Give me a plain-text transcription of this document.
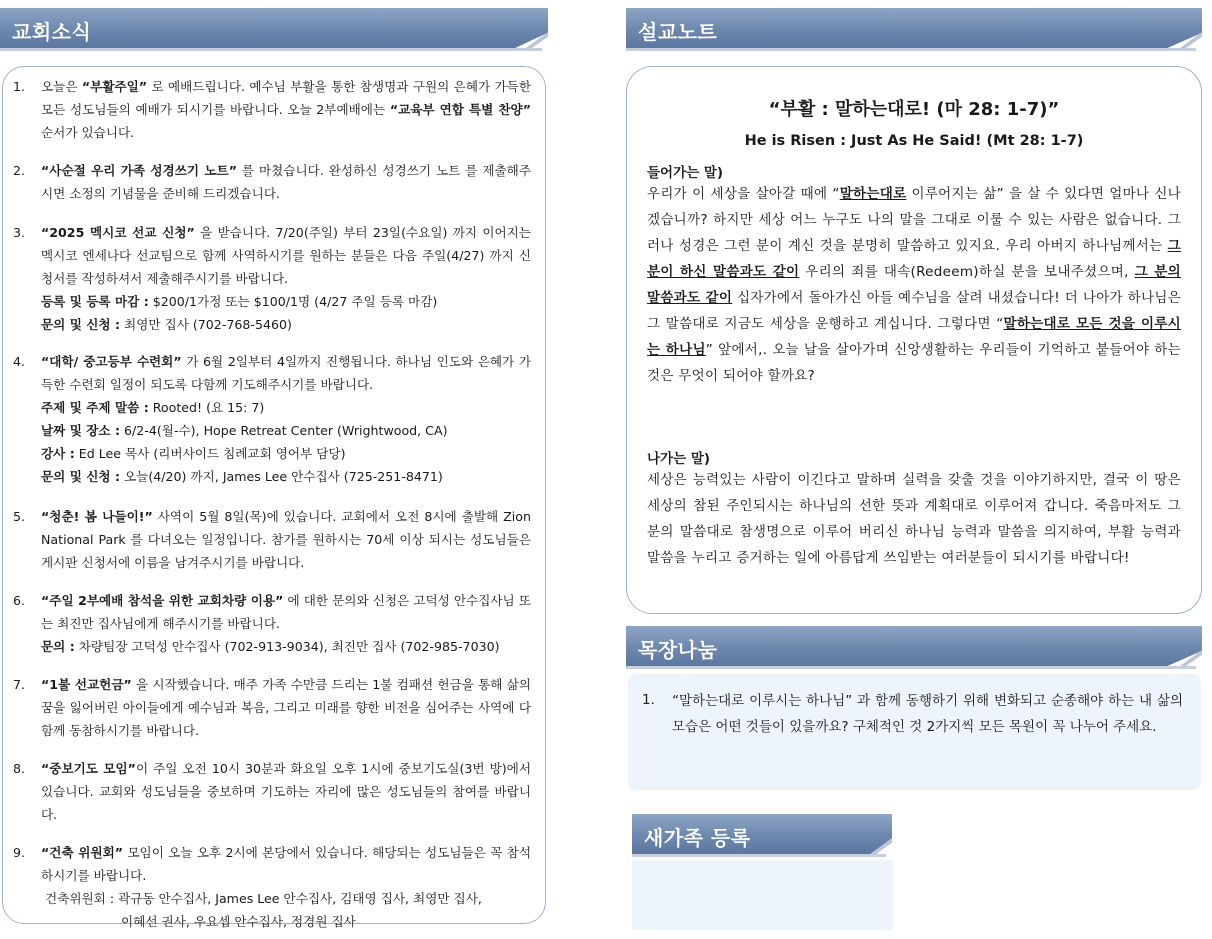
교회소식	설교노트
목장나눔
새가족 등록
1. 오늘은 “부활주일” 로 예배드립니다. 예수님 부활을 통한 참생명과 구원의 은혜가 가득한 모든 성도님들의 예배가 되시기를 바랍니다. 오늘 2부예배에는 “교육부 연합 특별 찬양” 순서가 있습니다.
2. “사순절 우리 가족 성경쓰기 노트” 를 마쳤습니다. 완성하신 성경쓰기 노트 를 제출해주시면 소정의 기념물을 준비해 드리겠습니다.
3. “2025 멕시코 선교 신청” 을 받습니다. 7/20(주일) 부터 23일(수요일) 까지 이어지는 멕시코 엔세나다 선교팀으로 함께 사역하시기를 원하는 분들은 다음 주일(4/27) 까지 신청서를 작성하셔서 제출해주시기를 바랍니다.
등록 및 등록 마감 : $200/1가정 또는 $100/1명 (4/27 주일 등록 마감)
문의 및 신청 : 최영만 집사 (702-768-5460)
4. “대학/ 중고등부 수련회” 가 6월 2일부터 4일까지 진행됩니다. 하나님 인도와 은혜가 가득한 수련회 일정이 되도록 다함께 기도해주시기를 바랍니다.
주제 및 주제 말씀 : Rooted! (요 15: 7)
날짜 및 장소 : 6/2-4(월-수), Hope Retreat Center (Wrightwood, CA)
강사 : Ed Lee 목사 (리버사이드 침례교회 영어부 담당)
문의 및 신청 : 오늘(4/20) 까지, James Lee 안수집사 (725-251-8471)
5. “청춘! 봄 나들이!” 사역이 5월 8일(목)에 있습니다. 교회에서 오전 8시에 출발해 Zion National Park 를 다녀오는 일정입니다. 참가를 원하시는 70세 이상 되시는 성도님들은 게시판 신청서에 이름을 남겨주시기를 바랍니다.
6. “주일 2부예배 참석을 위한 교회차량 이용” 에 대한 문의와 신청은 고덕성 안수집사님 또는 최진만 집사님에게 해주시기를 바랍니다.
문의 : 차량팀장 고덕성 안수집사 (702-913-9034), 최진만 집사 (702-985-7030)
7. “1불 선교헌금” 을 시작했습니다. 매주 가족 수만큼 드리는 1불 컴패션 헌금을 통해 삶의 꿈을 잃어버린 아이들에게 예수님과 복음, 그리고 미래를 향한 비전을 심어주는 사역에 다함께 동참하시기를 바랍니다.
8. “중보기도 모임”이 주일 오전 10시 30분과 화요일 오후 1시에 중보기도실(3번 방)에서 있습니다. 교회와 성도님들을 중보하며 기도하는 자리에 많은 성도님들의 참여를 바랍니다.
9. “건축 위원회” 모임이 오늘 오후 2시에 본당에서 있습니다. 해당되는 성도님들은 꼭 참석하시기를 바랍니다.
건축위원회 : 곽규동 안수집사, James Lee 안수집사, 김태영 집사, 최영만 집사,
이혜선 권사, 우요셉 안수집사, 정경원 집사
“부활 : 말하는대로! (마 28: 1-7)”
He is Risen : Just As He Said! (Mt 28: 1-7)
들어가는 말)
우리가 이 세상을 살아갈 때에 “말하는대로 이루어지는 삶” 을 살 수 있다면 얼마나 신나겠습니까? 하지만 세상 어느 누구도 나의 말을 그대로 이룰 수 있는 사람은 없습니다. 그러나 성경은 그런 분이 계신 것을 분명히 말씀하고 있지요. 우리 아버지 하나님께서는 그 분이 하신 말씀과도 같이 우리의 죄를 대속(Redeem)하실 분을 보내주셨으며, 그 분의 말씀과도 같이 십자가에서 돌아가신 아들 예수님을 살려 내셨습니다! 더 나아가 하나님은 그 말씀대로 지금도 세상을 운행하고 계십니다. 그렇다면 “말하는대로 모든 것을 이루시는 하나님” 앞에서,. 오늘 날을 살아가며 신앙생활하는 우리들이 기억하고 붙들어야 하는 것은 무엇이 되어야 할까요?
나가는 말)
세상은 능력있는 사람이 이긴다고 말하며 실력을 갖출 것을 이야기하지만, 결국 이 땅은 세상의 참된 주인되시는 하나님의 선한 뜻과 계획대로 이루어져 갑니다. 죽음마저도 그 분의 말씀대로 참생명으로 이루어 버리신 하나님 능력과 말씀을 의지하여, 부활 능력과 말씀을 누리고 증거하는 일에 아름답게 쓰임받는 여러분들이 되시기를 바랍니다!
1. “말하는대로 이루시는 하나님” 과 함께 동행하기 위해 변화되고 순종해야 하는 내 삶의 모습은 어떤 것들이 있을까요? 구체적인 것 2가지씩 모든 목원이 꼭 나누어 주세요.
